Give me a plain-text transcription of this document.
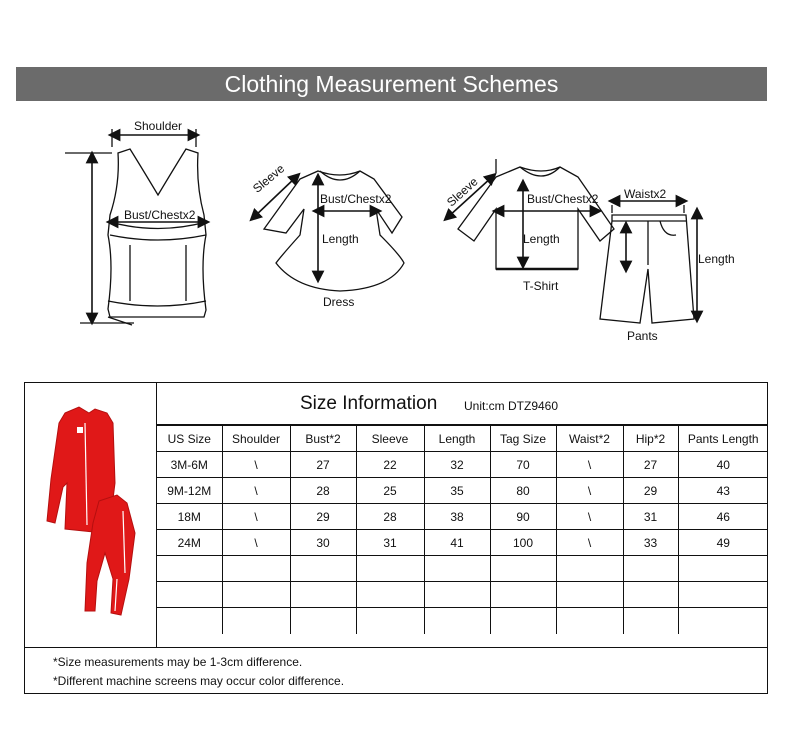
Clothing Measurement Schemes
Shoulder
Bust/Chestx2
Sleeve
Bust/Chestx2
Length
Dress
Sleeve	Bust/Chestx2
Length
T-Shirt
Waistx2
Length
Pants
Size Information Unit:cm DTZ9460
US Size	Shoulder	Bust*2	Sleeve	Length	Tag Size	Waist*2	Hip*2	Pants Length
3M-6M	\	27	22	32	70	\	27	40
9M-12M	\	28	25	35	80	\	29	43
18M	\	29	28	38	90	\	31	46
24M	\	30	31	41	100	\	33	49

*Size measurements may be 1-3cm difference.
*Different machine screens may occur color difference.
